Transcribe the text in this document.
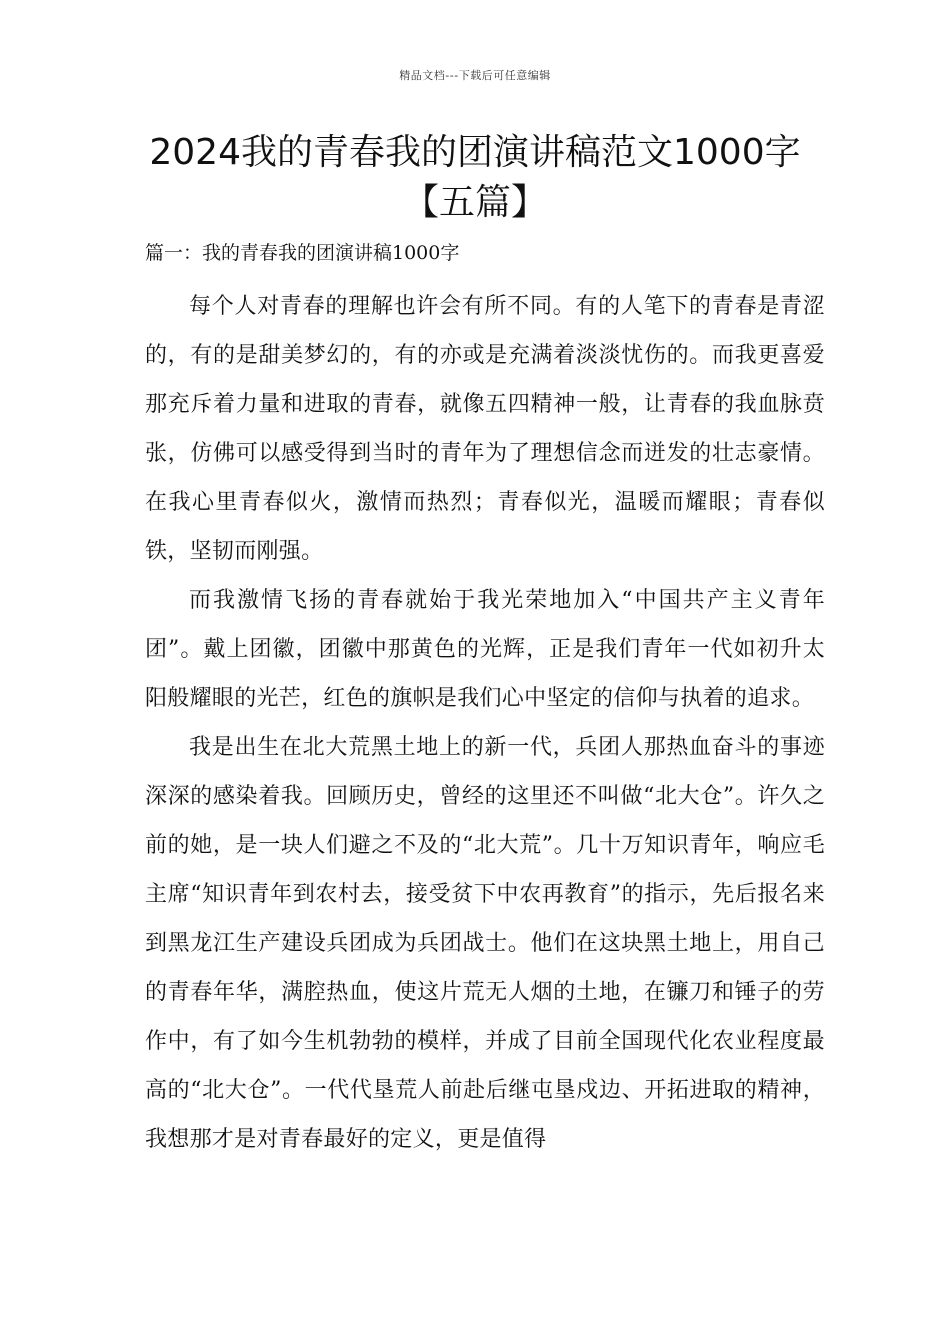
精品文档---下载后可任意编辑
2024我的青春我的团演讲稿范文1000字【五篇】
篇一：我的青春我的团演讲稿1000字

每个人对青春的理解也许会有所不同。有的人笔下的青春是青涩的，有的是甜美梦幻的，有的亦或是充满着淡淡忧伤的。而我更喜爱那充斥着力量和进取的青春，就像五四精神一般，让青春的我血脉贲张，仿佛可以感受得到当时的青年为了理想信念而迸发的壮志豪情。在我心里青春似火，激情而热烈；青春似光，温暖而耀眼；青春似铁，坚韧而刚强。

而我激情飞扬的青春就始于我光荣地加入“中国共产主义青年团”。戴上团徽，团徽中那黄色的光辉，正是我们青年一代如初升太阳般耀眼的光芒，红色的旗帜是我们心中坚定的信仰与执着的追求。

我是出生在北大荒黑土地上的新一代，兵团人那热血奋斗的事迹深深的感染着我。回顾历史，曾经的这里还不叫做“北大仓”。许久之前的她，是一块人们避之不及的“北大荒”。几十万知识青年，响应毛主席“知识青年到农村去，接受贫下中农再教育”的指示，先后报名来到黑龙江生产建设兵团成为兵团战士。他们在这块黑土地上，用自己的青春年华，满腔热血，使这片荒无人烟的土地，在镰刀和锤子的劳作中，有了如今生机勃勃的模样，并成了目前全国现代化农业程度最高的“北大仓”。一代代垦荒人前赴后继屯垦戍边、开拓进取的精神，我想那才是对青春最好的定义，更是值得
